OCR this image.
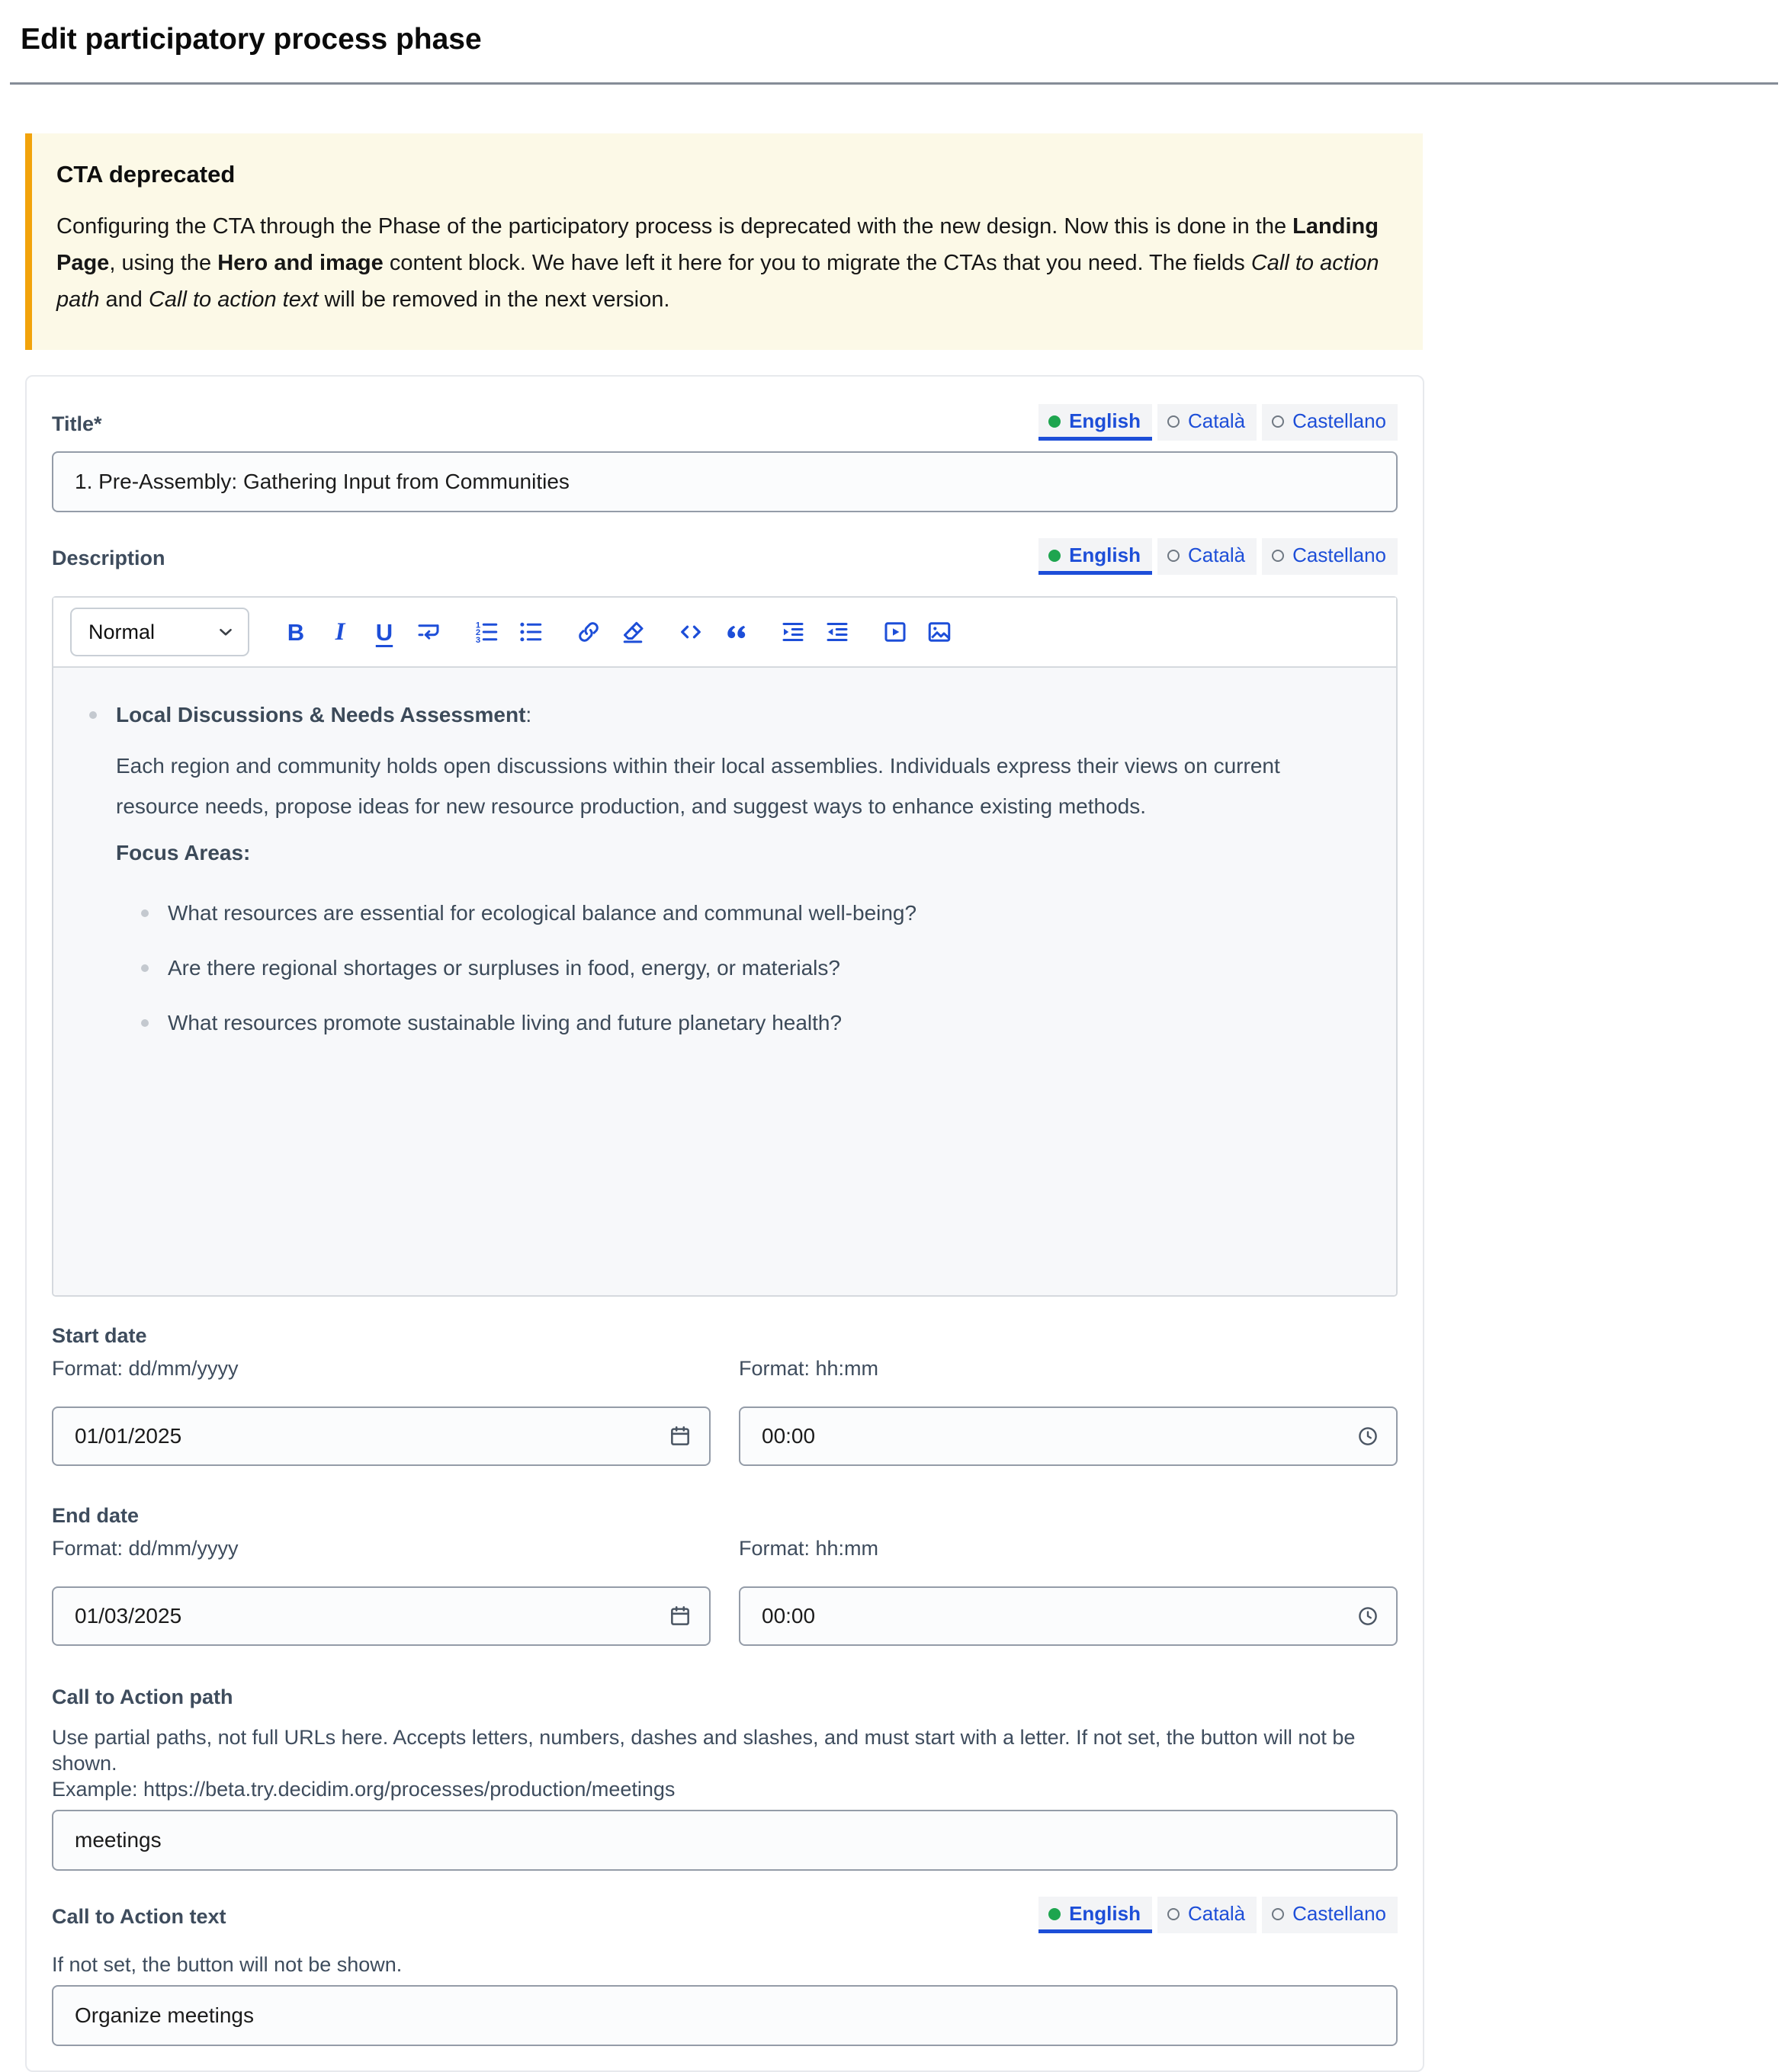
Edit participatory process phase
CTA deprecated

Configuring the CTA through the Phase of the participatory process is deprecated with the new design. Now this is done in the Landing Page, using the Hero and image content block. We have left it here for you to migrate the CTAs that you need. The fields Call to action path and Call to action text will be removed in the next version.

Title*	English Català Castellano
1. Pre-Assembly: Gathering Input from Communities
Description	English Català Castellano
Normal	B I U	1
2
3
Local Discussions & Needs Assessment:

Each region and community holds open discussions within their local assemblies. Individuals express their views on current resource needs, propose ideas for new resource production, and suggest ways to enhance existing methods.

Focus Areas:
What resources are essential for ecological balance and communal well-being?
Are there regional shortages or surpluses in food, energy, or materials?
What resources promote sustainable living and future planetary health?
Start date
Format: dd/mm/yyyy	Format: hh:mm
01/01/2025
00:00
End date
Format: dd/mm/yyyy	Format: hh:mm
01/03/2025
00:00
Call to Action path
Use partial paths, not full URLs here. Accepts letters, numbers, dashes and slashes, and must start with a letter. If not set, the button will not be shown.
Example: https://beta.try.decidim.org/processes/production/meetings
meetings
Call to Action text	English Català Castellano
If not set, the button will not be shown.
Organize meetings
